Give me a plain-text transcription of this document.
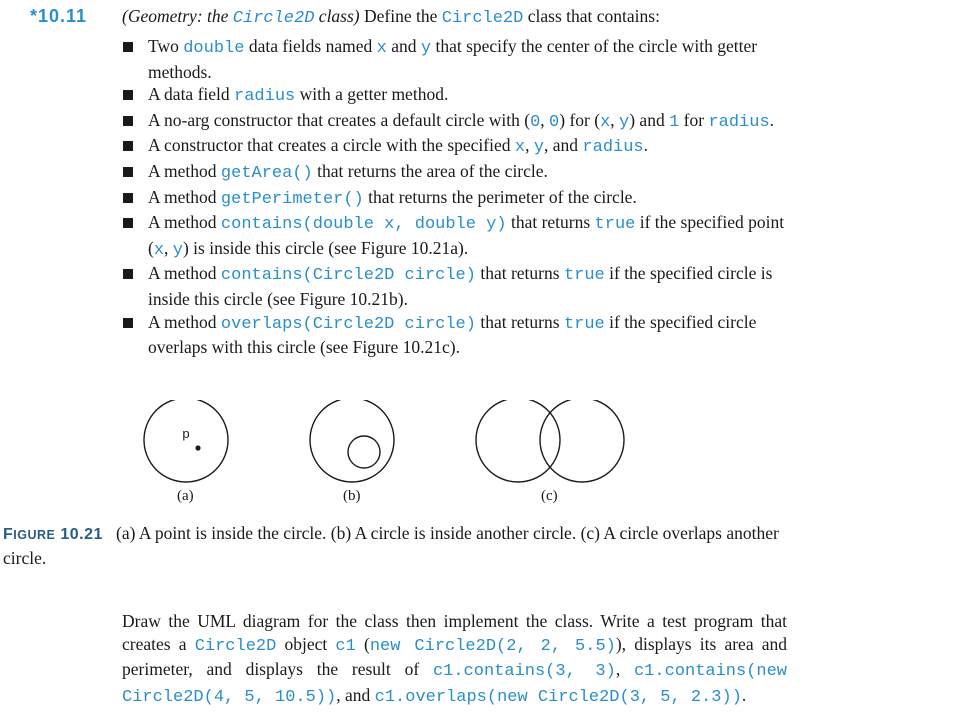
*10.11 (Geometry: the Circle2D class) Define the Circle2D class that contains:
Two double data fields named x and y that specify the center of the circle with getter methods.
A data field radius with a getter method.
A no-arg constructor that creates a default circle with (0, 0) for (x, y) and 1 for radius.
A constructor that creates a circle with the specified x, y, and radius.
A method getArea() that returns the area of the circle.
A method getPerimeter() that returns the perimeter of the circle.
A method contains(double x, double y) that returns true if the specified point (x, y) is inside this circle (see Figure 10.21a).
A method contains(Circle2D circle) that returns true if the specified circle is inside this circle (see Figure 10.21b).
A method overlaps(Circle2D circle) that returns true if the specified circle overlaps with this circle (see Figure 10.21c).
p
(a)	(b)	(c)
FIGURE 10.21 (a) A point is inside the circle. (b) A circle is inside another circle. (c) A circle overlaps another circle.
Draw the UML diagram for the class then implement the class. Write a test program that creates a Circle2D object c1 (new Circle2D(2, 2, 5.5)), displays its area and perimeter, and displays the result of c1.contains(3, 3), c1.contains(new Circle2D(4, 5, 10.5)), and c1.overlaps(new Circle2D(3, 5, 2.3)).
